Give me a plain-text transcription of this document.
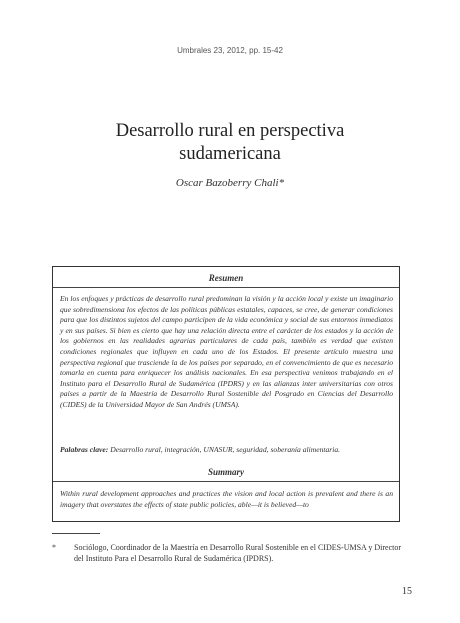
Umbrales 23, 2012, pp. 15-42
Desarrollo rural en perspectiva
sudamericana
Oscar Bazoberry Chali*
Resumen

En los enfoques y prácticas de desarrollo rural predominan la visión y la acción local y existe un imaginario que sobredimensiona los efectos de las políticas públicas estatales, capaces, se cree, de generar condiciones para que los distintos sujetos del campo participen de la vida económica y social de sus entornos inmediatos y en sus países. Si bien es cierto que hay una relación directa entre el carácter de los estados y la acción de los gobiernos en las realidades agrarias particulares de cada país, también es verdad que existen condiciones regionales que influyen en cada uno de los Estados. El presente artículo muestra una perspectiva regional que trasciende la de los países por separado, en el convencimiento de que es necesario tomarla en cuenta para enriquecer los análisis nacionales. En esa perspectiva venimos trabajando en el Instituto para el Desarrollo Rural de Sudamérica (IPDRS) y en las alianzas inter universitarias con otros países a partir de la Maestría de Desarrollo Rural Sostenible del Posgrado en Ciencias del Desarrollo (CIDES) de la Universidad Mayor de San Andrés (UMSA).

Palabras clave: Desarrollo rural, integración, UNASUR, seguridad, soberanía alimentaria.

Summary

Within rural development approaches and practices the vision and local action is prevalent and there is an imagery that overstates the effects of state public policies, able—it is believed—to

* Sociólogo, Coordinador de la Maestría en Desarrollo Rural Sostenible en el CIDES-UMSA y Director del Instituto Para el Desarrollo Rural de Sudamérica (IPDRS).
15
